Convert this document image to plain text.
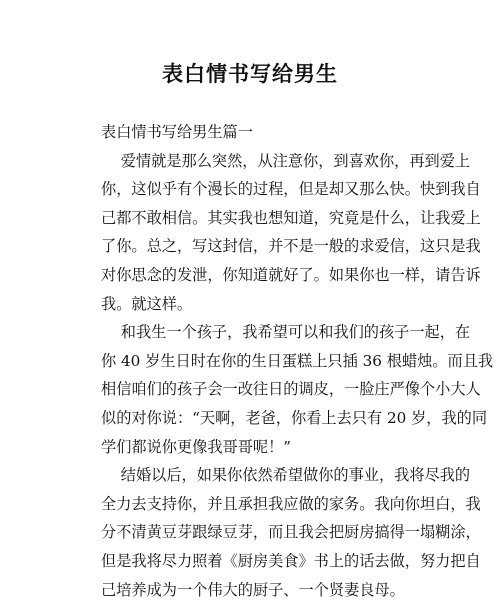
表白情书写给男生
表白情书写给男生篇一
爱情就是那么突然，从注意你，到喜欢你，再到爱上
你，这似乎有个漫长的过程，但是却又那么快。快到我自
己都不敢相信。其实我也想知道，究竟是什么，让我爱上
了你。总之，写这封信，并不是一般的求爱信，这只是我
对你思念的发泄，你知道就好了。如果你也一样，请告诉
我。就这样。
和我生一个孩子，我希望可以和我们的孩子一起，在
你 40 岁生日时在你的生日蛋糕上只插 36 根蜡烛。而且我
相信咱们的孩子会一改往日的调皮，一脸庄严像个小大人
似的对你说：“天啊，老爸，你看上去只有 20 岁，我的同
学们都说你更像我哥哥呢！”
结婚以后，如果你依然希望做你的事业，我将尽我的
全力去支持你，并且承担我应做的家务。我向你坦白，我
分不清黄豆芽跟绿豆芽，而且我会把厨房搞得一塌糊涂，
但是我将尽力照着《厨房美食》书上的话去做，努力把自
己培养成为一个伟大的厨子、一个贤妻良母。
